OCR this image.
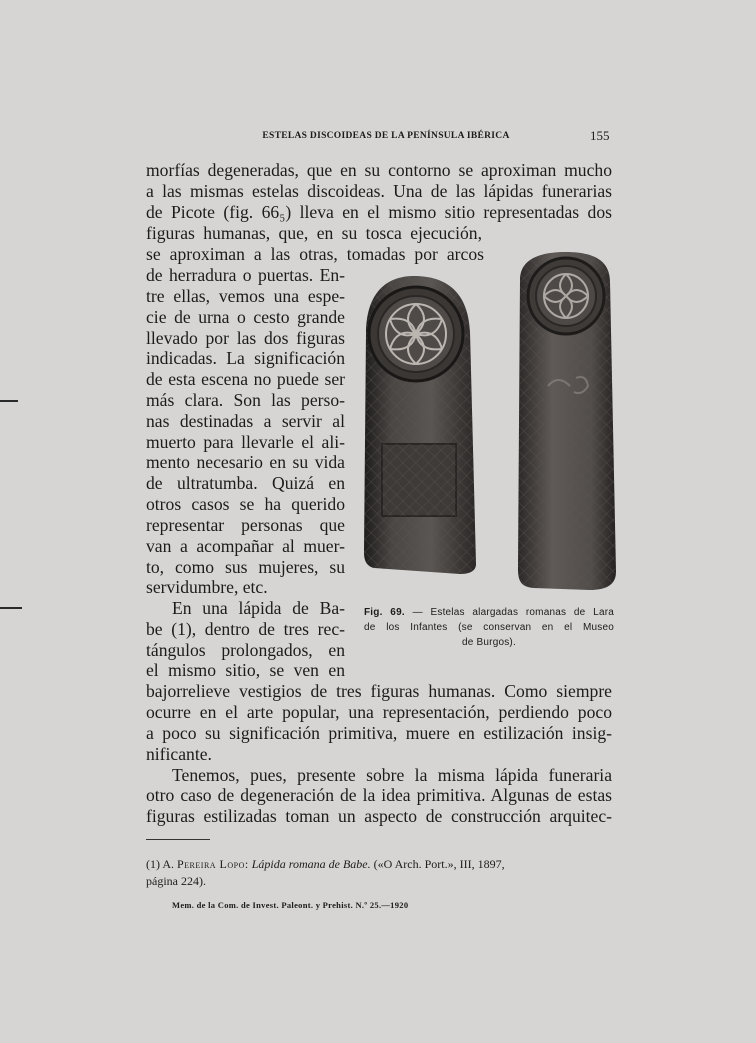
ESTELAS DISCOIDEAS DE LA PENÍNSULA IBÉRICA	155
morfías degeneradas, que en su contorno se aproximan mucho
a las mismas estelas discoideas. Una de las lápidas funerarias
de Picote (fig. 66₅) lleva en el mismo sitio representadas dos
figuras humanas, que, en su tosca ejecución,
se aproximan a las otras, tomadas por arcos
de herradura o puertas. En-
tre ellas, vemos una espe-
cie de urna o cesto grande
llevado por las dos figuras
indicadas. La significación
de esta escena no puede ser
más clara. Son las perso-
nas destinadas a servir al
muerto para llevarle el ali-
mento necesario en su vida
de ultratumba. Quizá en
otros casos se ha querido
representar personas que
van a acompañar al muer-
to, como sus mujeres, su
servidumbre, etc.
En una lápida de Ba-
be (1), dentro de tres rec-
tángulos prolongados, en
el mismo sitio, se ven en
bajorrelieve vestigios de tres figuras humanas. Como siempre
ocurre en el arte popular, una representación, perdiendo poco
a poco su significación primitiva, muere en estilización insig-
nificante.
Tenemos, pues, presente sobre la misma lápida funeraria
otro caso de degeneración de la idea primitiva. Algunas de estas
figuras estilizadas toman un aspecto de construcción arquitec-
Fig. 69. — Estelas alargadas romanas de Lara
de los Infantes (se conservan en el Museo
de Burgos).
(1) A. Pereira Lopo: Lápida romana de Babe. («O Arch. Port.», III, 1897,
página 224).
Mem. de la Com. de Invest. Paleont. y Prehist. N.º 25.—1920
